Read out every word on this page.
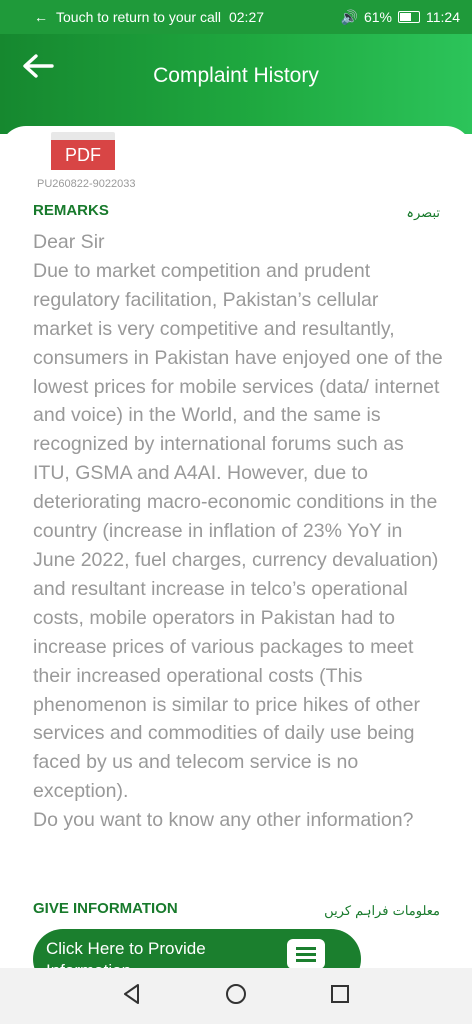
← Touch to return to your call 02:27	🔊 61% 11:24
Complaint History
PDF
PU260822-9022033
REMARKS	تبصرہ

Dear Sir

Due to market competition and prudent regulatory facilitation, Pakistan’s cellular market is very competitive and resultantly, consumers in Pakistan have enjoyed one of the lowest prices for mobile services (data/ internet and voice) in the World, and the same is recognized by international forums such as ITU, GSMA and A4AI. However, due to deteriorating macro-economic conditions in the country (increase in inflation of 23% YoY in June 2022, fuel charges, currency devaluation) and resultant increase in telco’s operational costs, mobile operators in Pakistan had to increase prices of various packages to meet their increased operational costs (This phenomenon is similar to price hikes of other services and commodities of daily use being faced by us and telecom service is no exception).

Do you want to know any other information?

GIVE INFORMATION	معلومات فراہم کریں
Click Here to Provide
